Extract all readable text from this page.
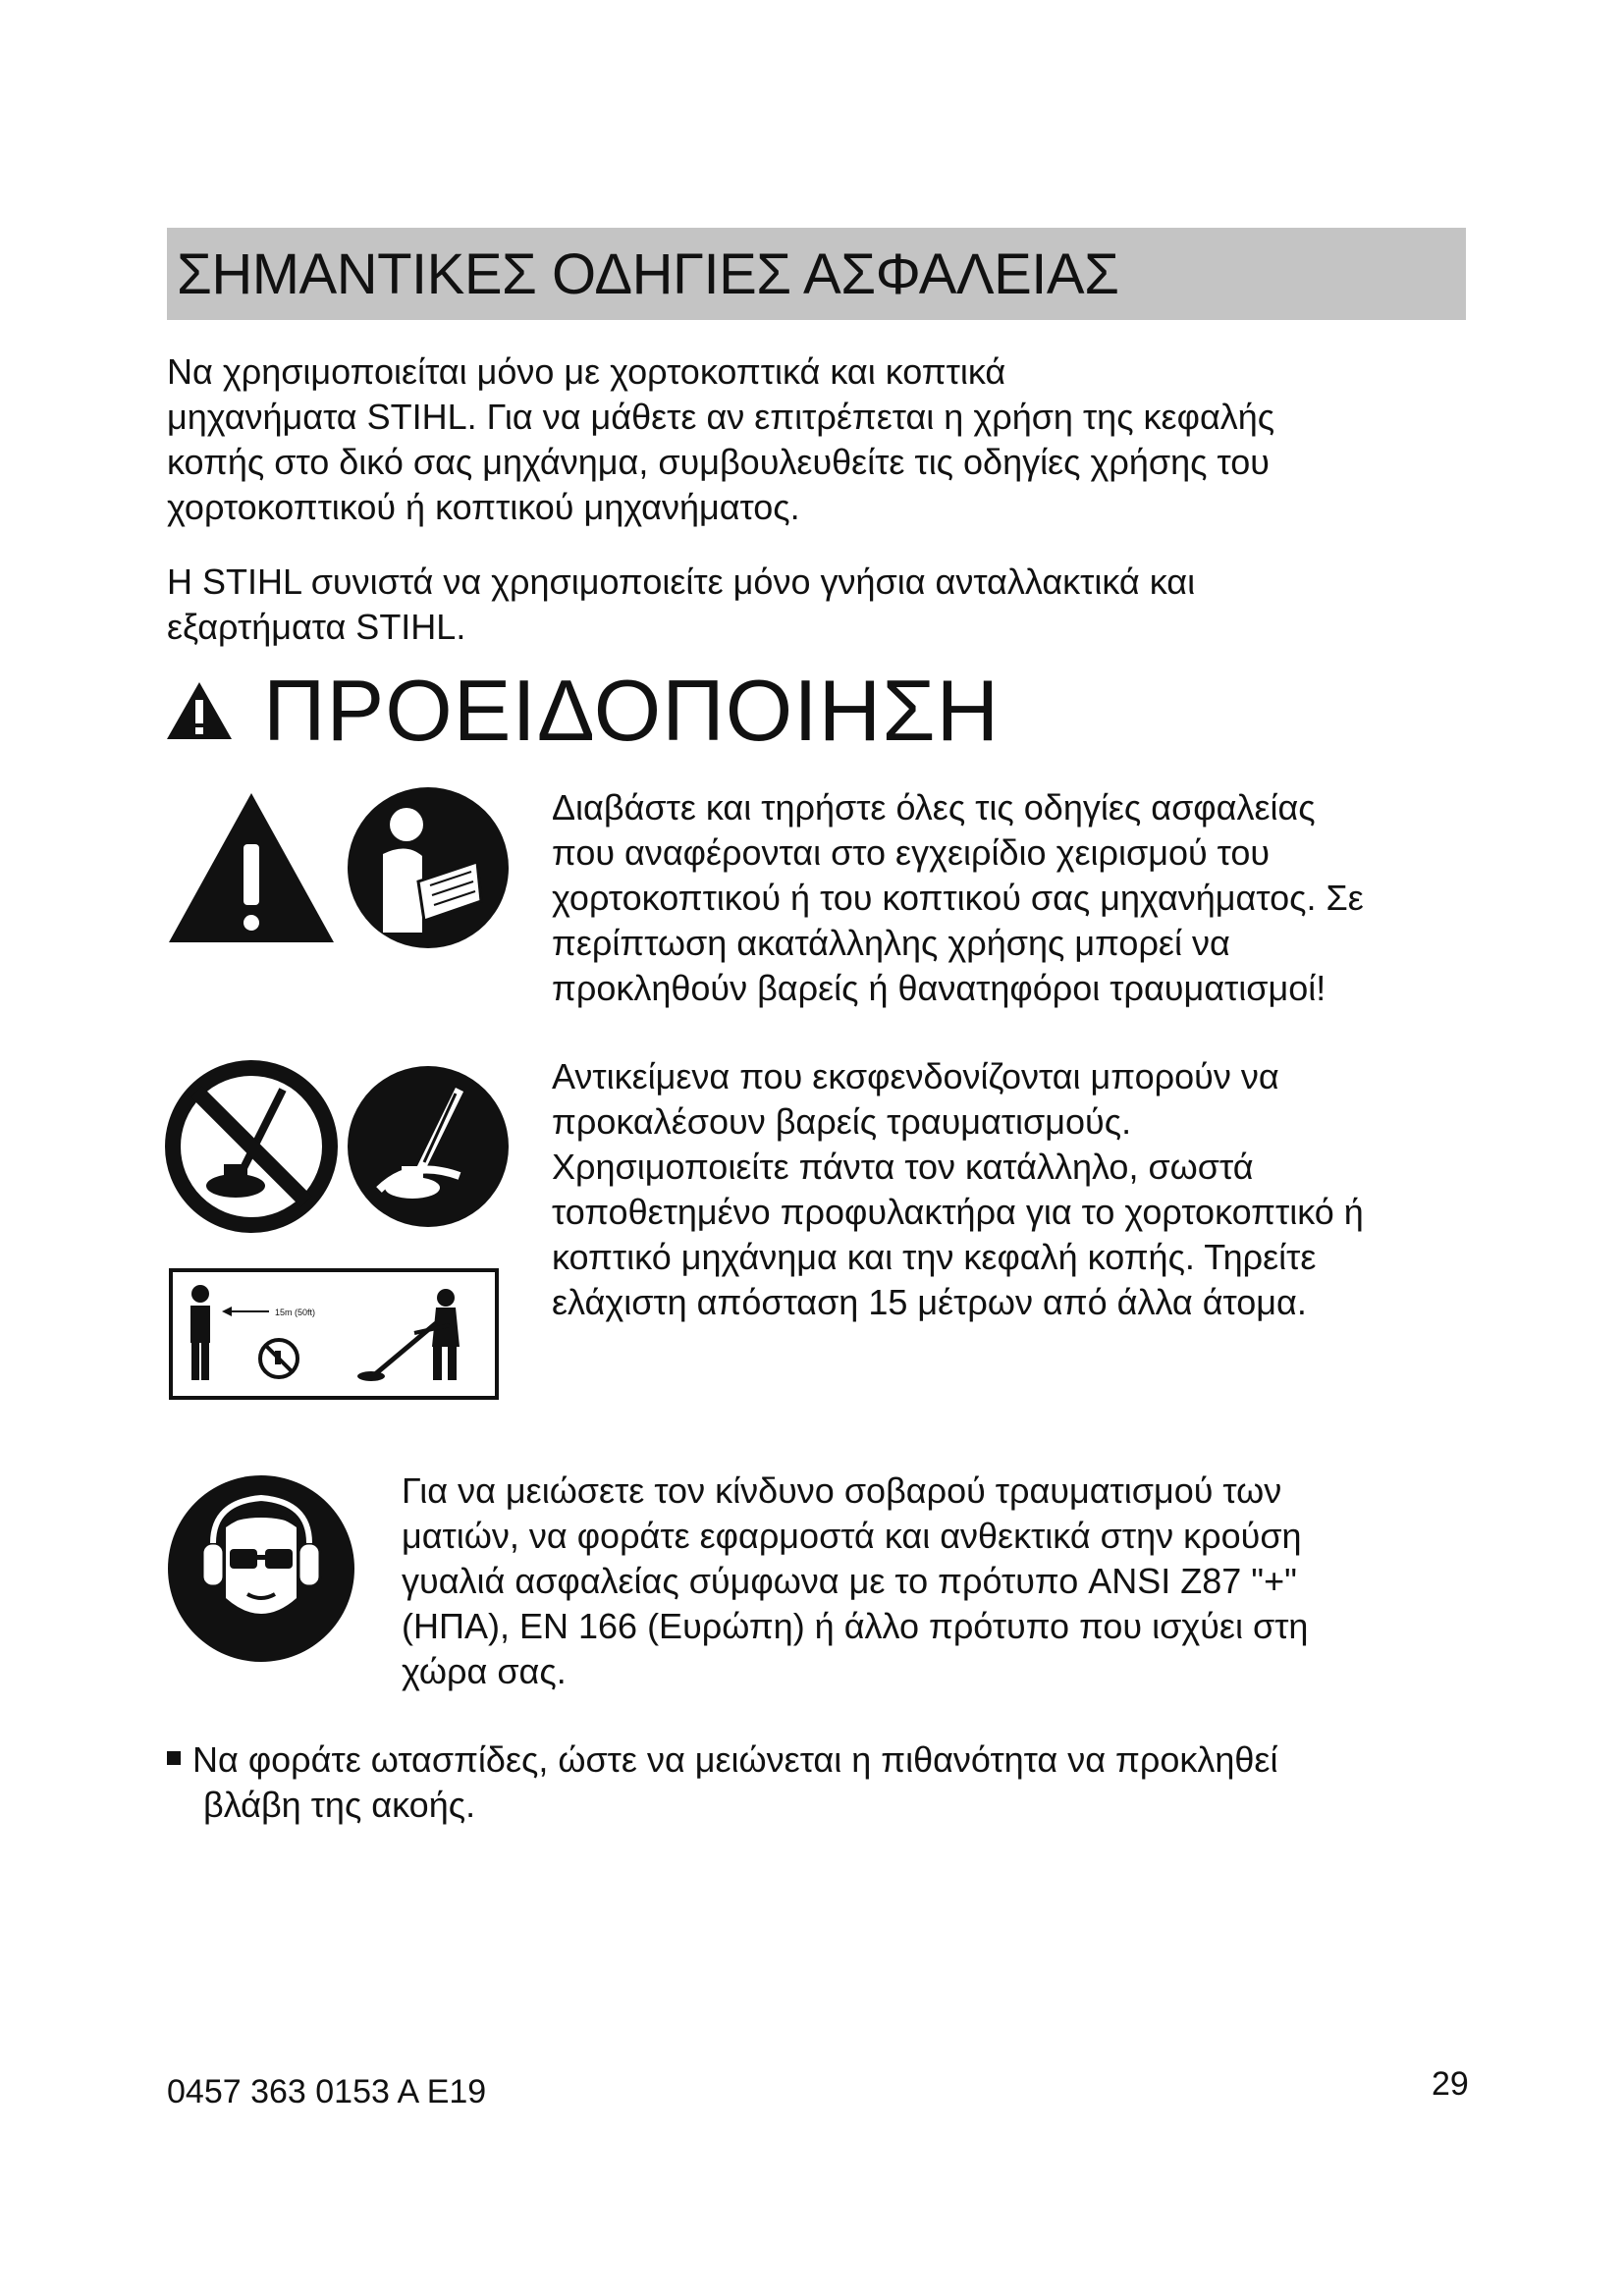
ΣΗΜΑΝΤΙΚΕΣ ΟΔΗΓΙΕΣ ΑΣΦΑΛΕΙΑΣ
Να χρησιμοποιείται μόνο με χορτοκοπτικά και κοπτικά
μηχανήματα STIHL. Για να μάθετε αν επιτρέπεται η χρήση της κεφαλής
κοπής στο δικό σας μηχάνημα, συμβουλευθείτε τις οδηγίες χρήσης του
χορτοκοπτικού ή κοπτικού μηχανήματος.
Η STIHL συνιστά να χρησιμοποιείτε μόνο γνήσια ανταλλακτικά και
εξαρτήματα STIHL.
ΠΡΟΕΙΔΟΠΟΙΗΣΗ
Διαβάστε και τηρήστε όλες τις οδηγίες ασφαλείας
που αναφέρονται στο εγχειρίδιο χειρισμού του
χορτοκοπτικού ή του κοπτικού σας μηχανήματος. Σε
περίπτωση ακατάλληλης χρήσης μπορεί να
προκληθούν βαρείς ή θανατηφόροι τραυματισμοί!
15m (50ft)
Αντικείμενα που εκσφενδονίζονται μπορούν να
προκαλέσουν βαρείς τραυματισμούς.
Χρησιμοποιείτε πάντα τον κατάλληλο, σωστά
τοποθετημένο προφυλακτήρα για το χορτοκοπτικό ή
κοπτικό μηχάνημα και την κεφαλή κοπής. Τηρείτε
ελάχιστη απόσταση 15 μέτρων από άλλα άτομα.
Για να μειώσετε τον κίνδυνο σοβαρού τραυματισμού των
ματιών, να φοράτε εφαρμοστά και ανθεκτικά στην κρούση
γυαλιά ασφαλείας σύμφωνα με το πρότυπο ANSI Z87 "+"
(ΗΠΑ), EN 166 (Ευρώπη) ή άλλο πρότυπο που ισχύει στη
χώρα σας.
Να φοράτε ωτασπίδες, ώστε να μειώνεται η πιθανότητα να προκληθεί
βλάβη της ακοής.
0457 363 0153 A E19	29
